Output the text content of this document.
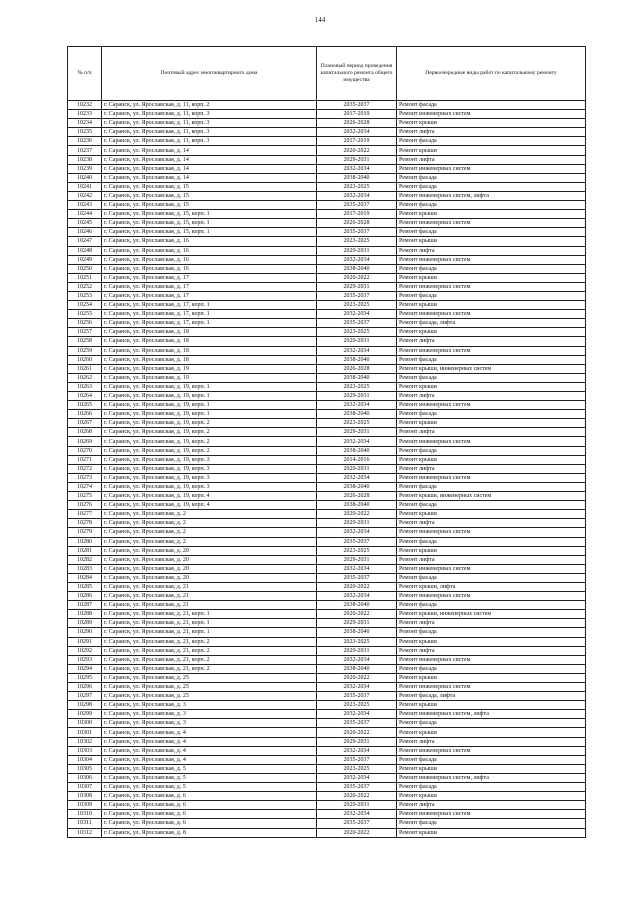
144
№ п/п	Почтовый адрес многоквартирного дома	Плановый период проведения капитального ремонта общего имущества	Первоочередные виды работ по капитальному ремонту
10232	г. Саранск, ул. Ярославская, д. 11, корп. 2	2035-2037	Ремонт фасада
10233	г. Саранск, ул. Ярославская, д. 11, корп. 3	2017-2019	Ремонт инженерных систем
10234	г. Саранск, ул. Ярославская, д. 11, корп. 3	2026-2028	Ремонт крыши
10235	г. Саранск, ул. Ярославская, д. 11, корп. 3	2032-2034	Ремонт лифта
10236	г. Саранск, ул. Ярославская, д. 11, корп. 3	2017-2019	Ремонт фасада
10237	г. Саранск, ул. Ярославская, д. 14	2020-2022	Ремонт крыши
10238	г. Саранск, ул. Ярославская, д. 14	2029-2031	Ремонт лифта
10239	г. Саранск, ул. Ярославская, д. 14	2032-2034	Ремонт инженерных систем
10240	г. Саранск, ул. Ярославская, д. 14	2038-2040	Ремонт фасада
10241	г. Саранск, ул. Ярославская, д. 15	2023-2025	Ремонт фасада
10242	г. Саранск, ул. Ярославская, д. 15	2032-2034	Ремонт инженерных систем, лифта
10243	г. Саранск, ул. Ярославская, д. 15	2035-2037	Ремонт фасада
10244	г. Саранск, ул. Ярославская, д. 15, корп. 1	2017-2019	Ремонт крыши
10245	г. Саранск, ул. Ярославская, д. 15, корп. 1	2026-2028	Ремонт инженерных систем
10246	г. Саранск, ул. Ярославская, д. 15, корп. 1	2035-2037	Ремонт фасада
10247	г. Саранск, ул. Ярославская, д. 16	2023-2025	Ремонт крыши
10248	г. Саранск, ул. Ярославская, д. 16	2029-2031	Ремонт лифта
10249	г. Саранск, ул. Ярославская, д. 16	2032-2034	Ремонт инженерных систем
10250	г. Саранск, ул. Ярославская, д. 16	2038-2040	Ремонт фасада
10251	г. Саранск, ул. Ярославская, д. 17	2020-2022	Ремонт крыши
10252	г. Саранск, ул. Ярославская, д. 17	2029-2031	Ремонт инженерных систем
10253	г. Саранск, ул. Ярославская, д. 17	2035-2037	Ремонт фасада
10254	г. Саранск, ул. Ярославская, д. 17, корп. 1	2023-2025	Ремонт крыши
10255	г. Саранск, ул. Ярославская, д. 17, корп. 1	2032-2034	Ремонт инженерных систем
10256	г. Саранск, ул. Ярославская, д. 17, корп. 1	2035-2037	Ремонт фасада, лифта
10257	г. Саранск, ул. Ярославская, д. 18	2023-2025	Ремонт крыши
10258	г. Саранск, ул. Ярославская, д. 18	2029-2031	Ремонт лифта
10259	г. Саранск, ул. Ярославская, д. 18	2032-2034	Ремонт инженерных систем
10260	г. Саранск, ул. Ярославская, д. 18	2038-2040	Ремонт фасада
10261	г. Саранск, ул. Ярославская, д. 19	2026-2028	Ремонт крыши, инженерных систем
10262	г. Саранск, ул. Ярославская, д. 19	2038-2040	Ремонт фасада
10263	г. Саранск, ул. Ярославская, д. 19, корп. 1	2023-2025	Ремонт крыши
10264	г. Саранск, ул. Ярославская, д. 19, корп. 1	2029-2031	Ремонт лифта
10265	г. Саранск, ул. Ярославская, д. 19, корп. 1	2032-2034	Ремонт инженерных систем
10266	г. Саранск, ул. Ярославская, д. 19, корп. 1	2038-2040	Ремонт фасада
10267	г. Саранск, ул. Ярославская, д. 19, корп. 2	2023-2025	Ремонт крыши
10268	г. Саранск, ул. Ярославская, д. 19, корп. 2	2029-2031	Ремонт лифта
10269	г. Саранск, ул. Ярославская, д. 19, корп. 2	2032-2034	Ремонт инженерных систем
10270	г. Саранск, ул. Ярославская, д. 19, корп. 2	2038-2040	Ремонт фасада
10271	г. Саранск, ул. Ярославская, д. 19, корп. 3	2014-2016	Ремонт крыши
10272	г. Саранск, ул. Ярославская, д. 19, корп. 3	2029-2031	Ремонт лифта
10273	г. Саранск, ул. Ярославская, д. 19, корп. 3	2032-2034	Ремонт инженерных систем
10274	г. Саранск, ул. Ярославская, д. 19, корп. 3	2038-2040	Ремонт фасада
10275	г. Саранск, ул. Ярославская, д. 19, корп. 4	2026-2028	Ремонт крыши, инженерных систем
10276	г. Саранск, ул. Ярославская, д. 19, корп. 4	2038-2040	Ремонт фасада
10277	г. Саранск, ул. Ярославская, д. 2	2020-2022	Ремонт крыши
10278	г. Саранск, ул. Ярославская, д. 2	2029-2031	Ремонт лифта
10279	г. Саранск, ул. Ярославская, д. 2	2032-2034	Ремонт инженерных систем
10280	г. Саранск, ул. Ярославская, д. 2	2035-2037	Ремонт фасада
10281	г. Саранск, ул. Ярославская, д. 20	2023-2025	Ремонт крыши
10282	г. Саранск, ул. Ярославская, д. 20	2029-2031	Ремонт лифта
10283	г. Саранск, ул. Ярославская, д. 20	2032-2034	Ремонт инженерных систем
10284	г. Саранск, ул. Ярославская, д. 20	2035-2037	Ремонт фасада
10285	г. Саранск, ул. Ярославская, д. 21	2020-2022	Ремонт крыши, лифта
10286	г. Саранск, ул. Ярославская, д. 21	2032-2034	Ремонт инженерных систем
10287	г. Саранск, ул. Ярославская, д. 21	2038-2040	Ремонт фасада
10288	г. Саранск, ул. Ярославская, д. 21, корп. 1	2020-2022	Ремонт крыши, инженерных систем
10289	г. Саранск, ул. Ярославская, д. 21, корп. 1	2029-2031	Ремонт лифта
10290	г. Саранск, ул. Ярославская, д. 21, корп. 1	2038-2040	Ремонт фасада
10291	г. Саранск, ул. Ярославская, д. 21, корп. 2	2023-2025	Ремонт крыши
10292	г. Саранск, ул. Ярославская, д. 21, корп. 2	2029-2031	Ремонт лифта
10293	г. Саранск, ул. Ярославская, д. 21, корп. 2	2032-2034	Ремонт инженерных систем
10294	г. Саранск, ул. Ярославская, д. 21, корп. 2	2038-2040	Ремонт фасада
10295	г. Саранск, ул. Ярославская, д. 25	2020-2022	Ремонт крыши
10296	г. Саранск, ул. Ярославская, д. 25	2032-2034	Ремонт инженерных систем
10297	г. Саранск, ул. Ярославская, д. 25	2035-2037	Ремонт фасада, лифта
10298	г. Саранск, ул. Ярославская, д. 3	2023-2025	Ремонт крыши
10299	г. Саранск, ул. Ярославская, д. 3	2032-2034	Ремонт инженерных систем, лифта
10300	г. Саранск, ул. Ярославская, д. 3	2035-2037	Ремонт фасада
10301	г. Саранск, ул. Ярославская, д. 4	2020-2022	Ремонт крыши
10302	г. Саранск, ул. Ярославская, д. 4	2029-2031	Ремонт лифта
10303	г. Саранск, ул. Ярославская, д. 4	2032-2034	Ремонт инженерных систем
10304	г. Саранск, ул. Ярославская, д. 4	2035-2037	Ремонт фасада
10305	г. Саранск, ул. Ярославская, д. 5	2023-2025	Ремонт крыши
10306	г. Саранск, ул. Ярославская, д. 5	2032-2034	Ремонт инженерных систем, лифта
10307	г. Саранск, ул. Ярославская, д. 5	2035-2037	Ремонт фасада
10308	г. Саранск, ул. Ярославская, д. 6	2020-2022	Ремонт крыши
10309	г. Саранск, ул. Ярославская, д. 6	2029-2031	Ремонт лифта
10310	г. Саранск, ул. Ярославская, д. 6	2032-2034	Ремонт инженерных систем
10311	г. Саранск, ул. Ярославская, д. 6	2035-2037	Ремонт фасада
10312	г. Саранск, ул. Ярославская, д. 8	2020-2022	Ремонт крыши
